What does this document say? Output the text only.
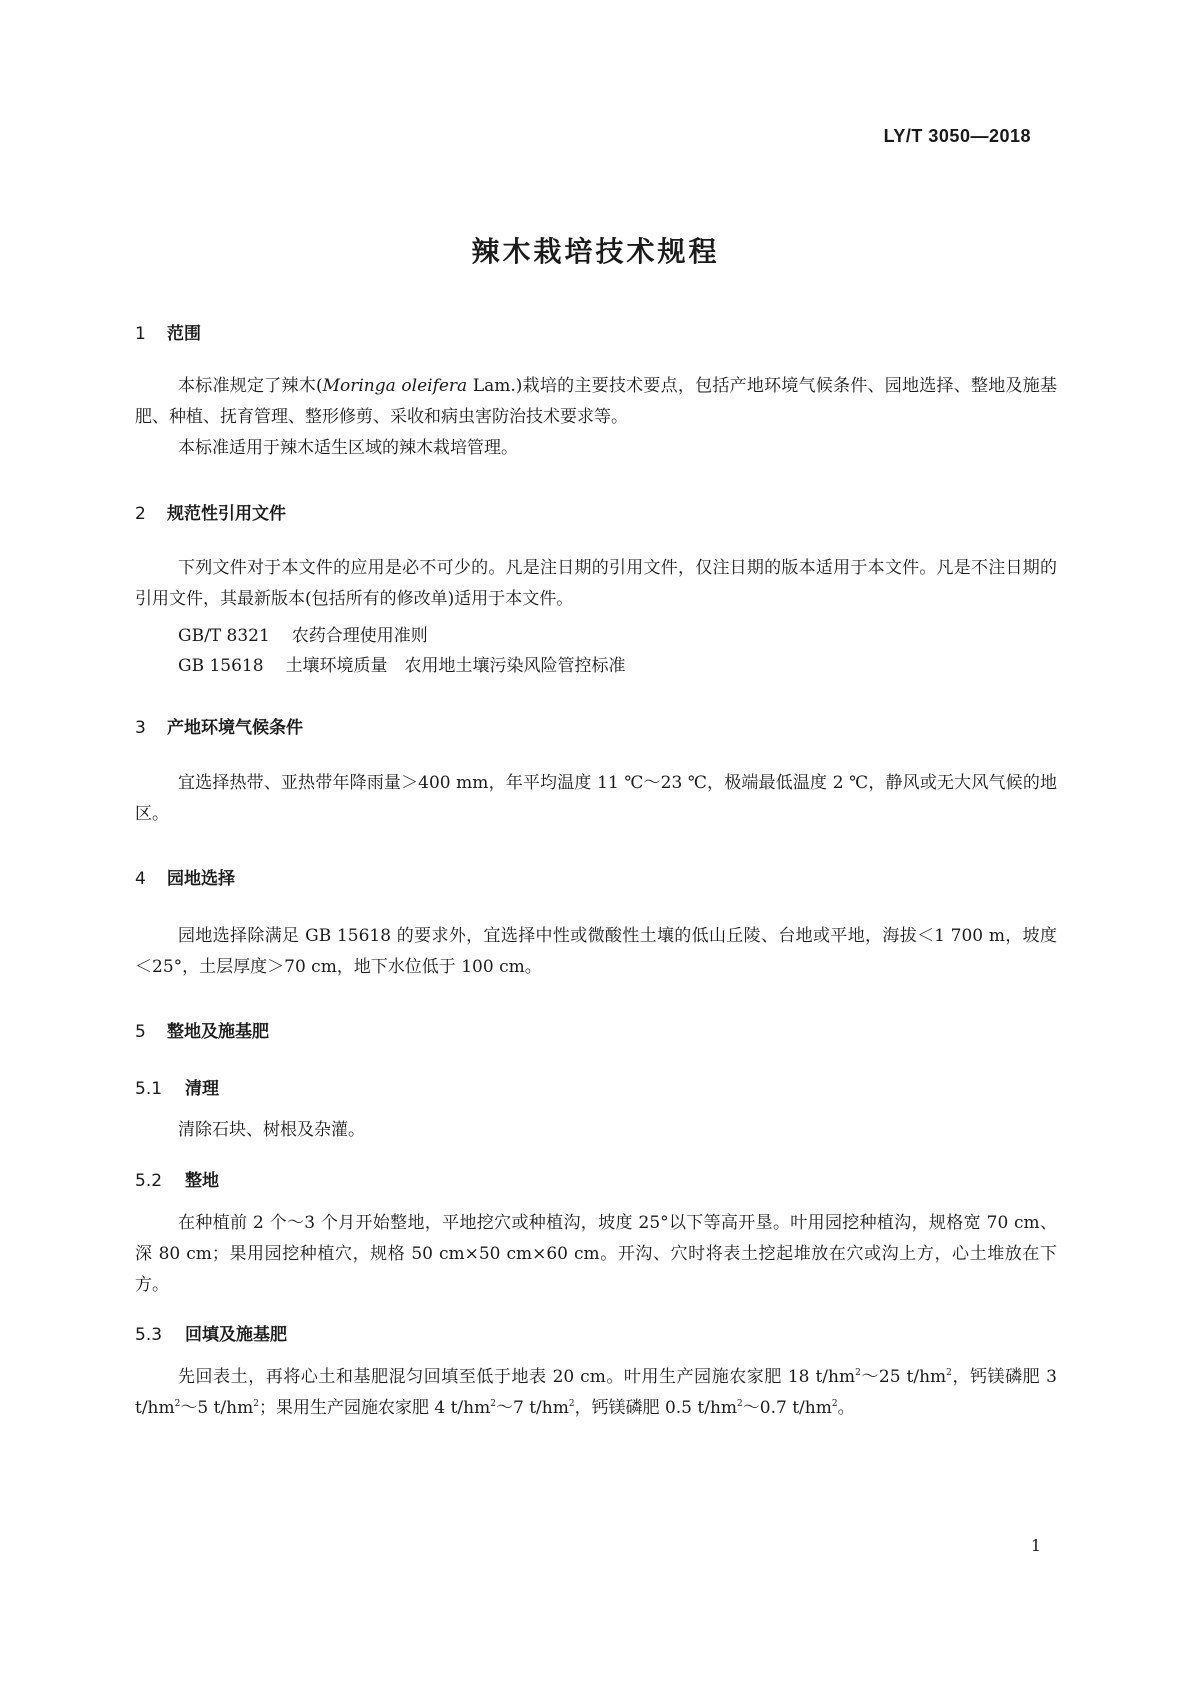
LY/T 3050—2018
辣木栽培技术规程
1 范围
本标准规定了辣木(Moringa oleifera Lam.)栽培的主要技术要点，包括产地环境气候条件、园地选择、整地及施基肥、种植、抚育管理、整形修剪、采收和病虫害防治技术要求等。
本标准适用于辣木适生区域的辣木栽培管理。
2 规范性引用文件
下列文件对于本文件的应用是必不可少的。凡是注日期的引用文件，仅注日期的版本适用于本文件。凡是不注日期的引用文件，其最新版本(包括所有的修改单)适用于本文件。
GB/T 8321 农药合理使用准则
GB 15618 土壤环境质量　农用地土壤污染风险管控标准
3 产地环境气候条件
宜选择热带、亚热带年降雨量＞400 mm，年平均温度 11 ℃～23 ℃，极端最低温度 2 ℃，静风或无大风气候的地区。
4 园地选择
园地选择除满足 GB 15618 的要求外，宜选择中性或微酸性土壤的低山丘陵、台地或平地，海拔＜1 700 m，坡度＜25°，土层厚度＞70 cm，地下水位低于 100 cm。
5 整地及施基肥
5.1 清理
清除石块、树根及杂灌。
5.2 整地
在种植前 2 个～3 个月开始整地，平地挖穴或种植沟，坡度 25°以下等高开垦。叶用园挖种植沟，规格宽 70 cm、深 80 cm；果用园挖种植穴，规格 50 cm×50 cm×60 cm。开沟、穴时将表土挖起堆放在穴或沟上方，心土堆放在下方。
5.3 回填及施基肥
先回表土，再将心土和基肥混匀回填至低于地表 20 cm。叶用生产园施农家肥 18 $t/hm^2\sim 25$ $t/hm^2$，钙镁磷肥 3 $t/hm^2\sim 5$ $t/hm^2$；果用生产园施农家肥 4 $t/hm^2\sim 7$ $t/hm^2$，钙镁磷肥 0.5 $t/hm^2\sim 0.7$ $t/hm^2$。
1
